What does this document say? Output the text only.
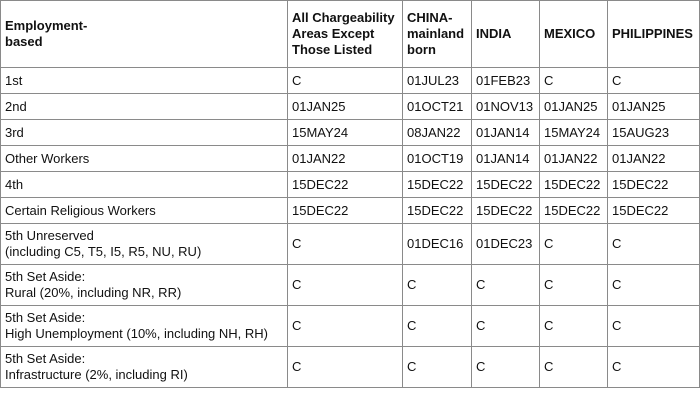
Employment-
based	All Chargeability
Areas Except
Those Listed	CHINA-
mainland
born	INDIA	MEXICO	PHILIPPINES
1st	C	01JUL23	01FEB23	C	C
2nd	01JAN25	01OCT21	01NOV13	01JAN25	01JAN25
3rd	15MAY24	08JAN22	01JAN14	15MAY24	15AUG23
Other Workers	01JAN22	01OCT19	01JAN14	01JAN22	01JAN22
4th	15DEC22	15DEC22	15DEC22	15DEC22	15DEC22
Certain Religious Workers	15DEC22	15DEC22	15DEC22	15DEC22	15DEC22
5th Unreserved
(including C5, T5, I5, R5, NU, RU)	C	01DEC16	01DEC23	C	C
5th Set Aside:
Rural (20%, including NR, RR)	C	C	C	C	C
5th Set Aside:
High Unemployment (10%, including NH, RH)	C	C	C	C	C
5th Set Aside:
Infrastructure (2%, including RI)	C	C	C	C	C
